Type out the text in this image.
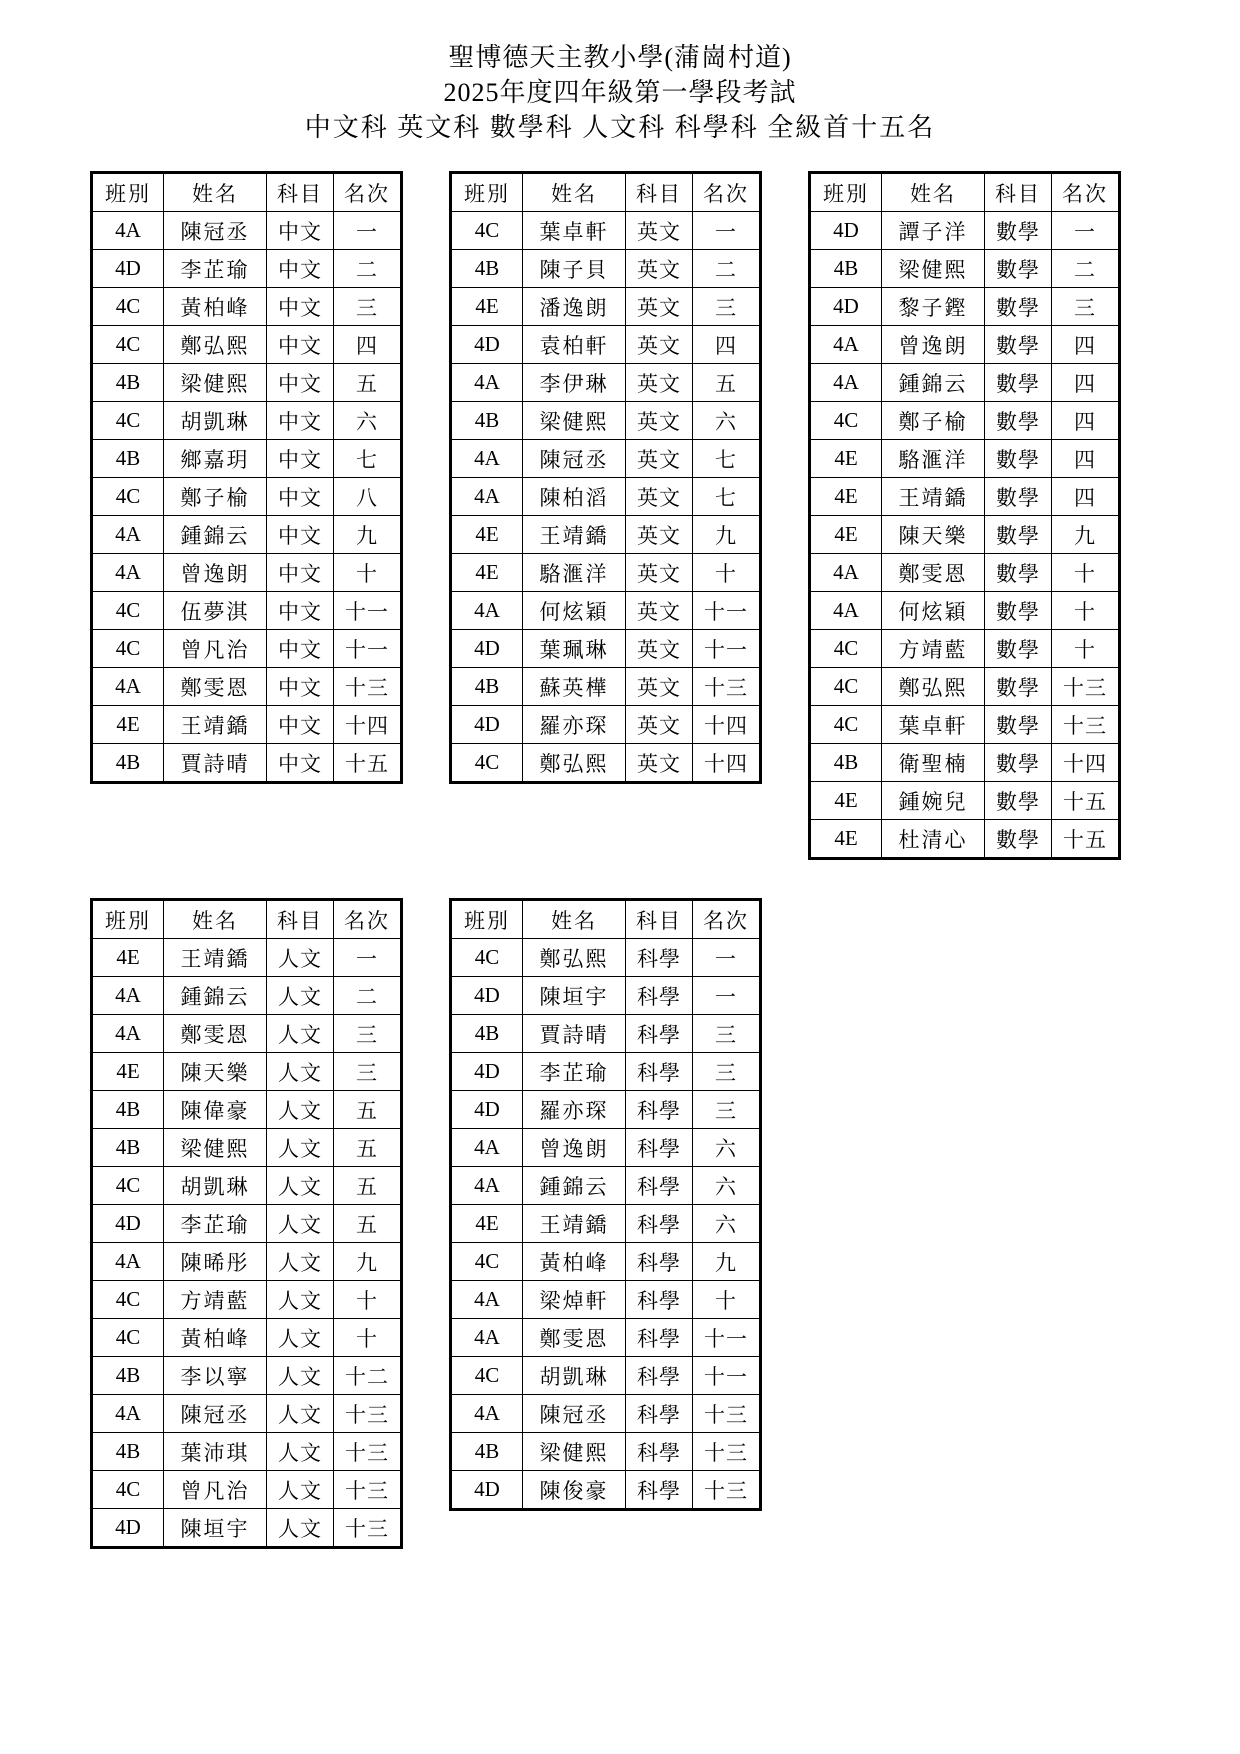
聖博德天主教小學(蒲崗村道)
2025年度四年級第一學段考試
中文科 英文科 數學科 人文科 科學科 全級首十五名
班別	姓名	科目	名次
4A	陳冠丞	中文	一
4D	李芷瑜	中文	二
4C	黃柏峰	中文	三
4C	鄭弘熙	中文	四
4B	梁健熙	中文	五
4C	胡凱琳	中文	六
4B	鄉嘉玥	中文	七
4C	鄭子榆	中文	八
4A	鍾錦云	中文	九
4A	曾逸朗	中文	十
4C	伍夢淇	中文	十一
4C	曾凡治	中文	十一
4A	鄭雯恩	中文	十三
4E	王靖鐈	中文	十四
4B	賈詩晴	中文	十五
班別	姓名	科目	名次
4C	葉卓軒	英文	一
4B	陳子貝	英文	二
4E	潘逸朗	英文	三
4D	袁柏軒	英文	四
4A	李伊琳	英文	五
4B	梁健熙	英文	六
4A	陳冠丞	英文	七
4A	陳柏滔	英文	七
4E	王靖鐈	英文	九
4E	駱滙洋	英文	十
4A	何炫穎	英文	十一
4D	葉珮琳	英文	十一
4B	蘇英樺	英文	十三
4D	羅亦琛	英文	十四
4C	鄭弘熙	英文	十四
班別	姓名	科目	名次
4D	譚子洋	數學	一
4B	梁健熙	數學	二
4D	黎子鏗	數學	三
4A	曾逸朗	數學	四
4A	鍾錦云	數學	四
4C	鄭子榆	數學	四
4E	駱滙洋	數學	四
4E	王靖鐈	數學	四
4E	陳天樂	數學	九
4A	鄭雯恩	數學	十
4A	何炫穎	數學	十
4C	方靖藍	數學	十
4C	鄭弘熙	數學	十三
4C	葉卓軒	數學	十三
4B	衛聖楠	數學	十四
4E	鍾婉兒	數學	十五
4E	杜清心	數學	十五
班別	姓名	科目	名次
4E	王靖鐈	人文	一
4A	鍾錦云	人文	二
4A	鄭雯恩	人文	三
4E	陳天樂	人文	三
4B	陳偉豪	人文	五
4B	梁健熙	人文	五
4C	胡凱琳	人文	五
4D	李芷瑜	人文	五
4A	陳晞彤	人文	九
4C	方靖藍	人文	十
4C	黃柏峰	人文	十
4B	李以寧	人文	十二
4A	陳冠丞	人文	十三
4B	葉沛琪	人文	十三
4C	曾凡治	人文	十三
4D	陳垣宇	人文	十三
班別	姓名	科目	名次
4C	鄭弘熙	科學	一
4D	陳垣宇	科學	一
4B	賈詩晴	科學	三
4D	李芷瑜	科學	三
4D	羅亦琛	科學	三
4A	曾逸朗	科學	六
4A	鍾錦云	科學	六
4E	王靖鐈	科學	六
4C	黃柏峰	科學	九
4A	梁焯軒	科學	十
4A	鄭雯恩	科學	十一
4C	胡凱琳	科學	十一
4A	陳冠丞	科學	十三
4B	梁健熙	科學	十三
4D	陳俊豪	科學	十三
